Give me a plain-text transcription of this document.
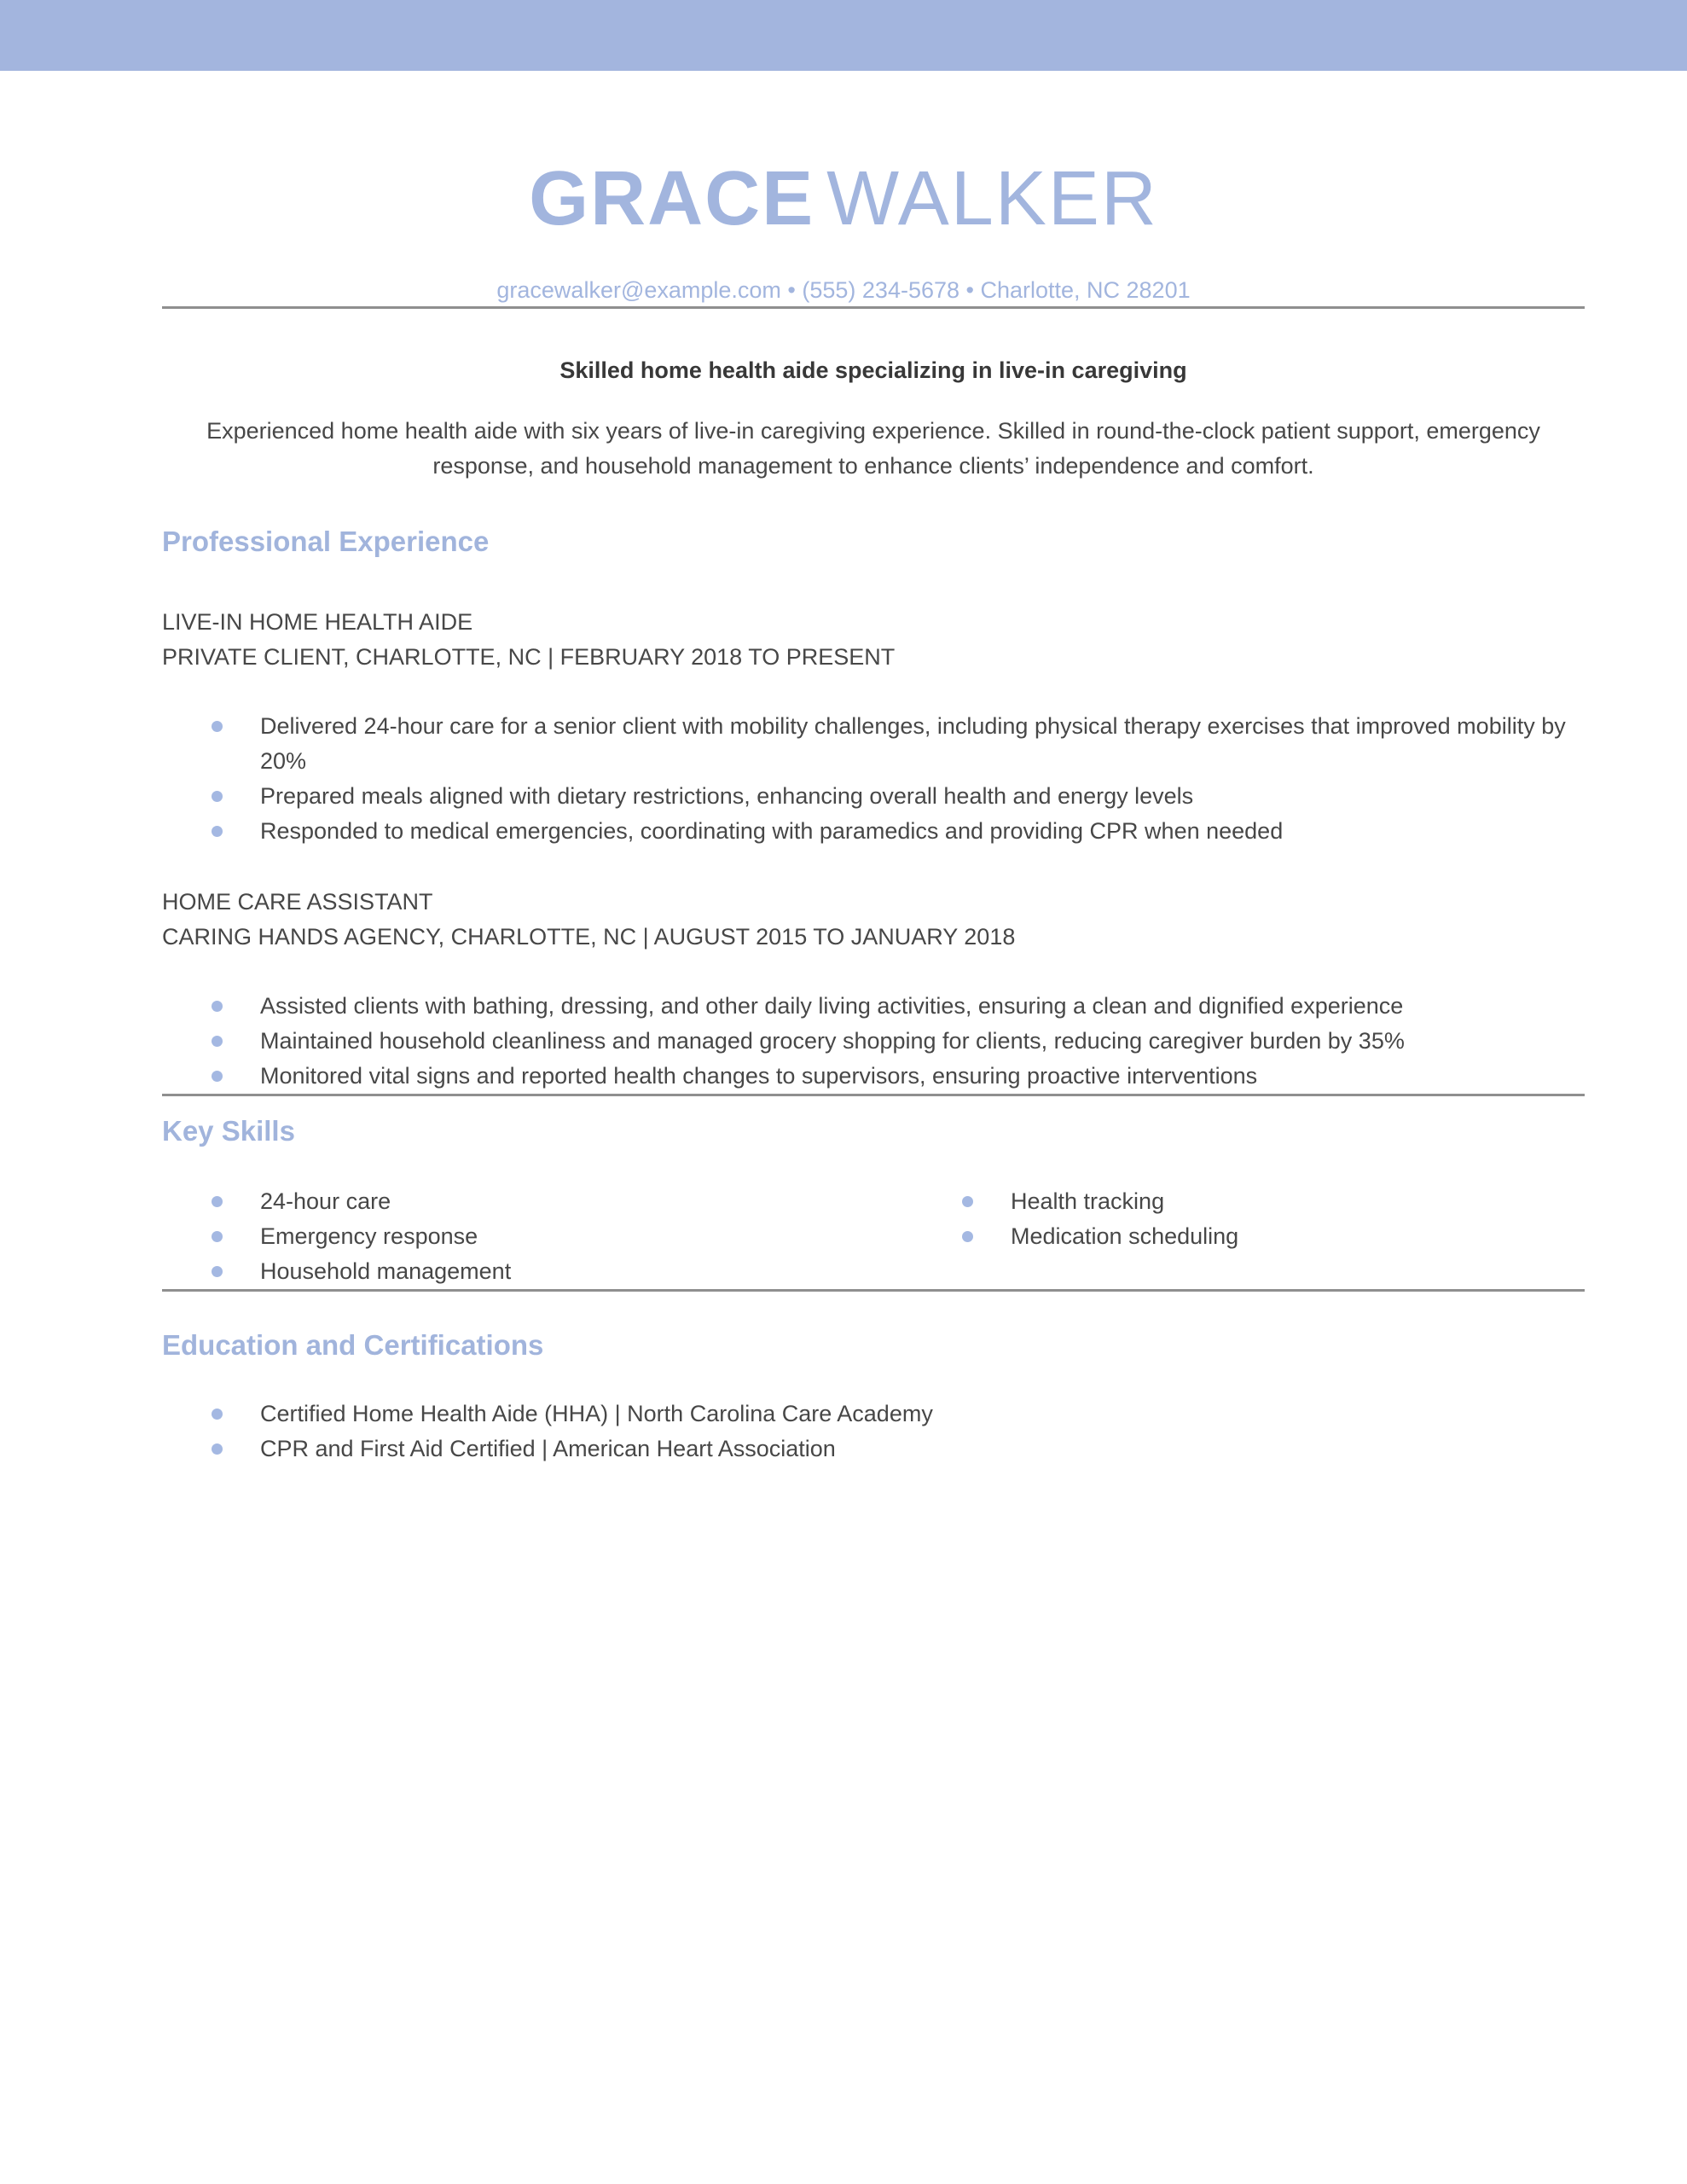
GRACE WALKER
gracewalker@example.com • (555) 234-5678 • Charlotte, NC 28201

Skilled home health aide specializing in live-in caregiving

Experienced home health aide with six years of live-in caregiving experience. Skilled in round-the-clock patient support, emergency response, and household management to enhance clients’ independence and comfort.

Professional Experience

LIVE-IN HOME HEALTH AIDE

PRIVATE CLIENT, CHARLOTTE, NC | FEBRUARY 2018 TO PRESENT

Delivered 24-hour care for a senior client with mobility challenges, including physical therapy exercises that improved mobility by 20%
Prepared meals aligned with dietary restrictions, enhancing overall health and energy levels
Responded to medical emergencies, coordinating with paramedics and providing CPR when needed

HOME CARE ASSISTANT

CARING HANDS AGENCY, CHARLOTTE, NC | AUGUST 2015 TO JANUARY 2018

Assisted clients with bathing, dressing, and other daily living activities, ensuring a clean and dignified experience
Maintained household cleanliness and managed grocery shopping for clients, reducing caregiver burden by 35%
Monitored vital signs and reported health changes to supervisors, ensuring proactive interventions
Key Skills
24-hour care
Emergency response
Household management
Health tracking
Medication scheduling
Education and Certifications
Certified Home Health Aide (HHA) | North Carolina Care Academy
CPR and First Aid Certified | American Heart Association
